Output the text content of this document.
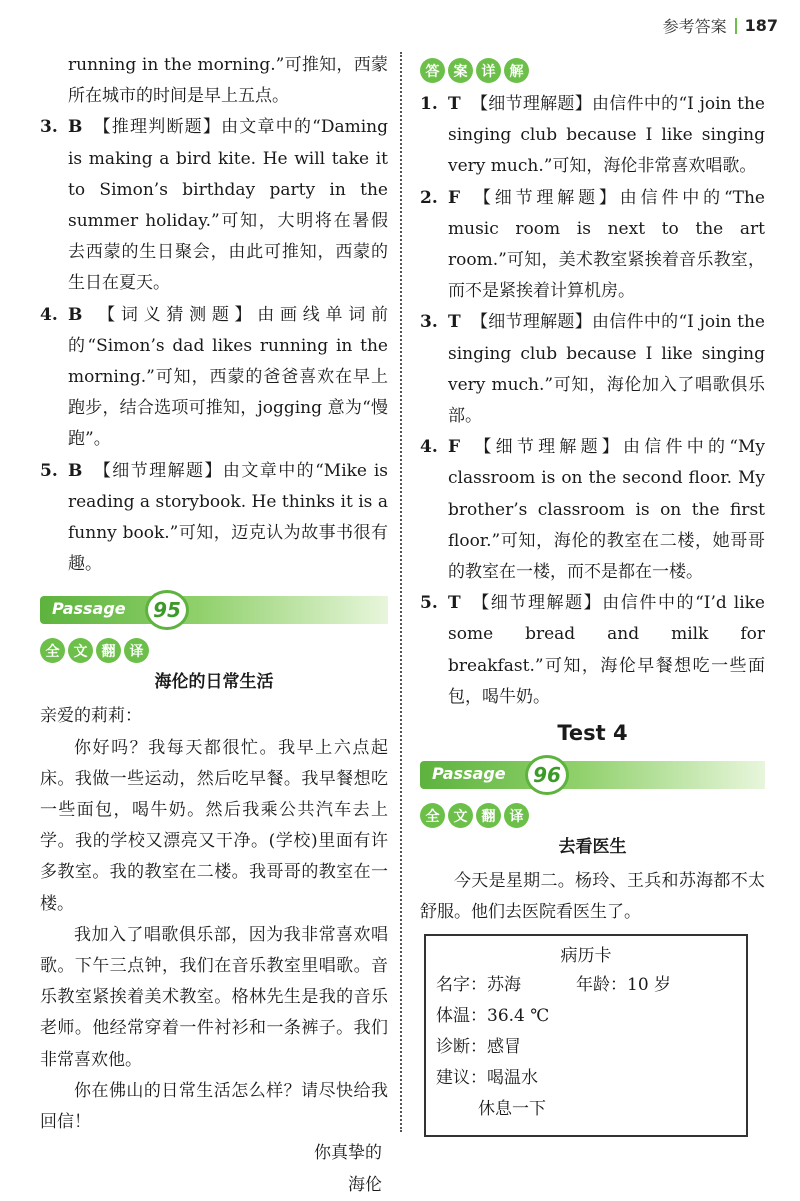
参考答案 187

running in the morning.”可推知，西蒙所在城市的时间是早上五点。

3. B 【推理判断题】由文章中的“Daming is making a bird kite. He will take it to Simon’s birthday party in the summer holiday.”可知，大明将在暑假去西蒙的生日聚会，由此可推知，西蒙的生日在夏天。
4. B 【词义猜测题】由画线单词前的“Simon’s dad likes running in the morning.”可知，西蒙的爸爸喜欢在早上跑步，结合选项可推知，jogging 意为“慢跑”。
5. B 【细节理解题】由文章中的“Mike is reading a storybook. He thinks it is a funny book.”可知，迈克认为故事书很有趣。
Passage	95
全	文	翻	译
海伦的日常生活

亲爱的莉莉：

你好吗？我每天都很忙。我早上六点起床。我做一些运动，然后吃早餐。我早餐想吃一些面包，喝牛奶。然后我乘公共汽车去上学。我的学校又漂亮又干净。(学校)里面有许多教室。我的教室在二楼。我哥哥的教室在一楼。

我加入了唱歌俱乐部，因为我非常喜欢唱歌。下午三点钟，我们在音乐教室里唱歌。音乐教室紧挨着美术教室。格林先生是我的音乐老师。他经常穿着一件衬衫和一条裤子。我们非常喜欢他。

你在佛山的日常生活怎么样？请尽快给我回信！

你真挚的

海伦

答	案	详	解
1. T 【细节理解题】由信件中的“I join the singing club because I like singing very much.”可知，海伦非常喜欢唱歌。
2. F 【细节理解题】由信件中的“The music room is next to the art room.”可知，美术教室紧挨着音乐教室，而不是紧挨着计算机房。
3. T 【细节理解题】由信件中的“I join the singing club because I like singing very much.”可知，海伦加入了唱歌俱乐部。
4. F 【细节理解题】由信件中的“My classroom is on the second floor. My brother’s classroom is on the first floor.”可知，海伦的教室在二楼，她哥哥的教室在一楼，而不是都在一楼。
5. T 【细节理解题】由信件中的“I’d like some bread and milk for breakfast.”可知，海伦早餐想吃一些面包，喝牛奶。
Test 4
Passage	96
全	文	翻	译
去看医生

今天是星期二。杨玲、王兵和苏海都不太舒服。他们去医院看医生了。

病历卡
名字：苏海	年龄：10 岁
体温：36.4 ℃
诊断：感冒
建议：喝温水
休息一下
